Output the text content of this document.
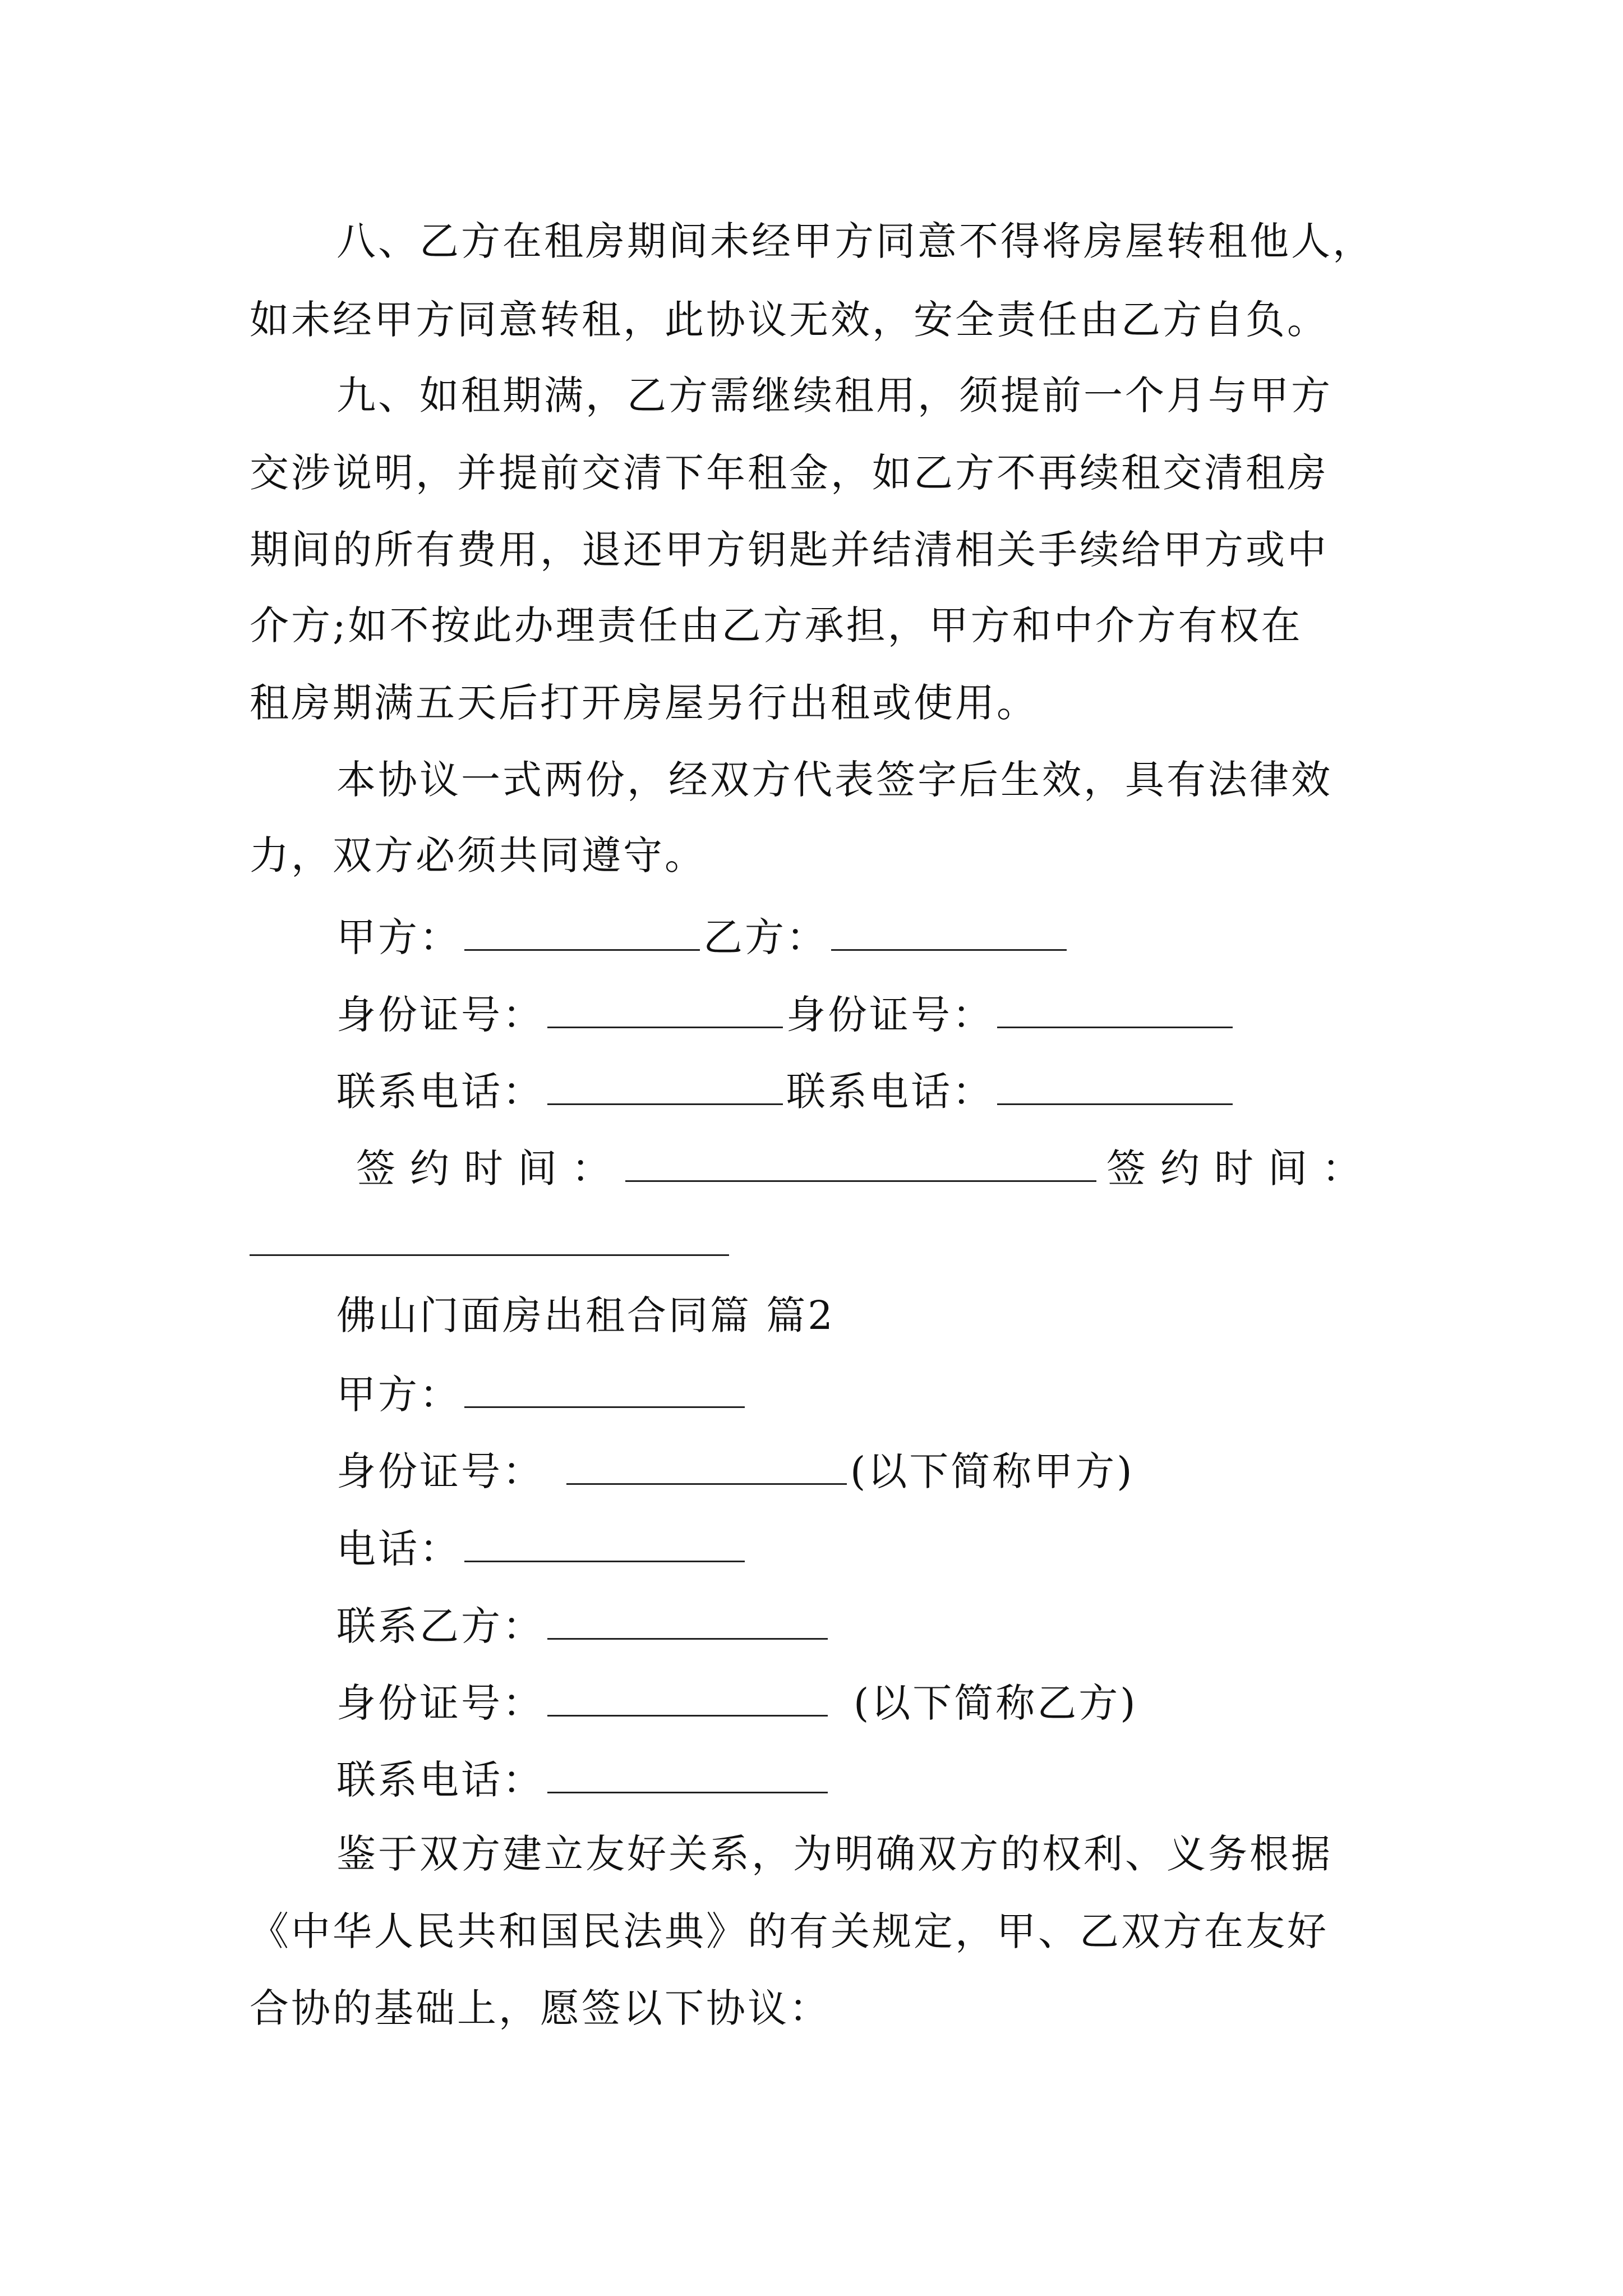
八、乙方在租房期间未经甲方同意不得将房屋转租他人，
如未经甲方同意转租，此协议无效，安全责任由乙方自负。
九、如租期满，乙方需继续租用，须提前一个月与甲方
交涉说明，并提前交清下年租金，如乙方不再续租交清租房
期间的所有费用，退还甲方钥匙并结清相关手续给甲方或中
介方;如不按此办理责任由乙方承担，甲方和中介方有权在
租房期满五天后打开房屋另行出租或使用。
本协议一式两份，经双方代表签字后生效，具有法律效
力，双方必须共同遵守。
甲方：	乙方：
身份证号：	身份证号：
联系电话：	联系电话：
签约时间：	签约时间：
佛山门面房出租合同篇 篇2
甲方：
身份证号：	(以下简称甲方)
电话：
联系乙方：
身份证号：	(以下简称乙方)
联系电话：
鉴于双方建立友好关系，为明确双方的权利、义务根据
《中华人民共和国民法典》的有关规定，甲、乙双方在友好
合协的基础上，愿签以下协议：
